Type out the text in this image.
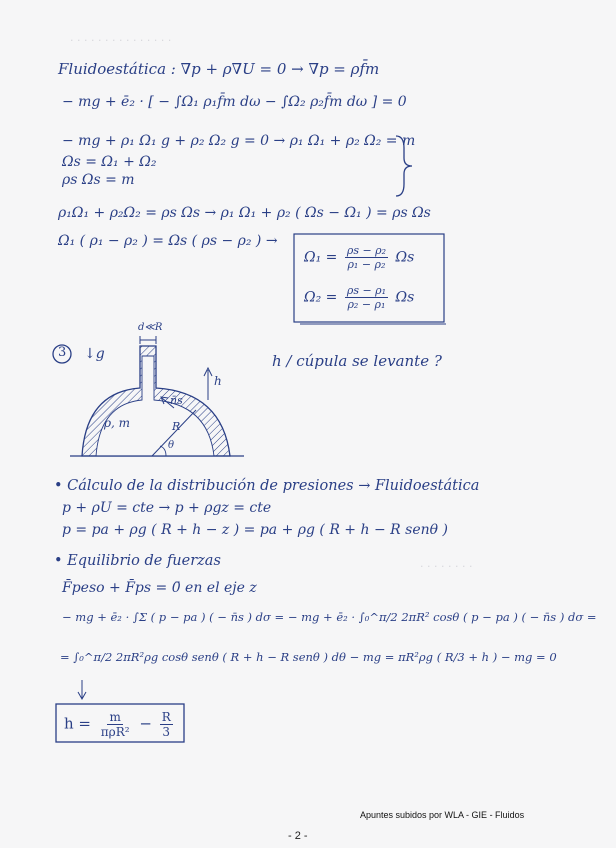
· · · · · · · · · · · · · · ·
· · · · · · · ·
Fluidoestática : ∇p + ρ∇U = 0 → ∇p = ρf̄m
− mg + ē₂ · [ − ∫Ω₁ ρ₁f̄m dω − ∫Ω₂ ρ₂f̄m dω ] = 0
− mg + ρ₁ Ω₁ g + ρ₂ Ω₂ g = 0 → ρ₁ Ω₁ + ρ₂ Ω₂ = m
Ωs = Ω₁ + Ω₂
ρs Ωs = m
ρ₁Ω₁ + ρ₂Ω₂ = ρs Ωs → ρ₁ Ω₁ + ρ₂ ( Ωs − Ω₁ ) = ρs Ωs
Ω₁ ( ρ₁ − ρ₂ ) = Ωs ( ρs − ρ₂ ) →
$\Omega_1 = \frac{\text{ρs − ρ₂}}{\text{ρ₁ − ρ₂}}$ Ωs
$\Omega_2 = \frac{\text{ρs − ρ₁}}{\text{ρ₂ − ρ₁}}$ Ωs
3 ↓g	h / cúpula se levante ?
d≪R
h
n̄s
R
θ
ρ, m
• Cálculo de la distribución de presiones → Fluidoestática
p + ρU = cte → p + ρgz = cte
p = pa + ρg ( R + h − z ) = pa + ρg ( R + h − R senθ )
• Equilibrio de fuerzas
F̄peso + F̄ps = 0̄ en el eje z
− mg + ē₂ · ∫Σ ( p − pa ) ( − n̄s ) dσ = − mg + ē₂ · ∫₀^π/2 2πR² cosθ ( p − pa ) ( − n̄s ) dσ =
= ∫₀^π/2 2πR²ρg cosθ senθ ( R + h − R senθ ) dθ − mg = πR²ρg ( R/3 + h ) − mg = 0
$h = \frac{m}{\text{πρR²}} - \frac{R}{3}$
Apuntes subidos por WLA - GIE - Fluidos
- 2 -
